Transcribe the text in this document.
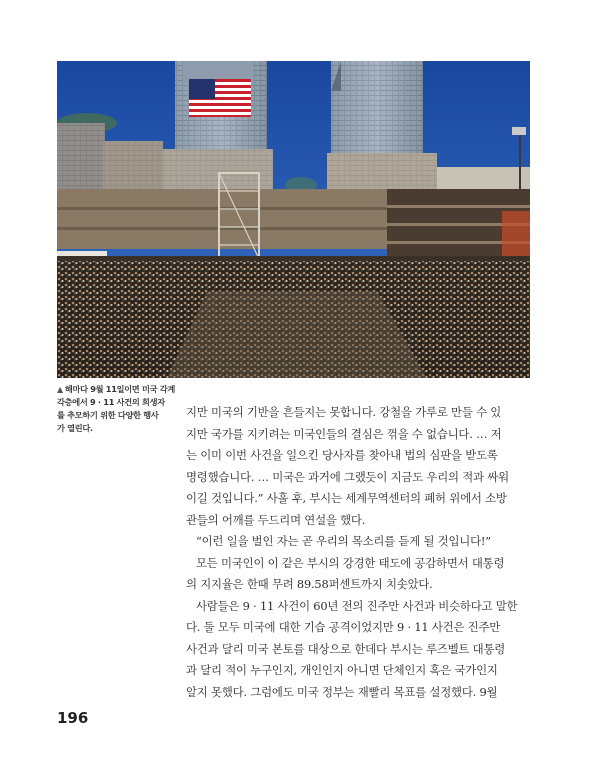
▲ 해마다 9월 11일이면 미국 각계
각층에서 9 · 11 사건의 희생자
를 추모하기 위한 다양한 행사
가 열린다.

지만 미국의 기반을 흔들지는 못합니다. 강철을 가루로 만들 수 있

지만 국가를 지키려는 미국인들의 결심은 꺾을 수 없습니다. … 저

는 이미 이번 사건을 일으킨 당사자를 찾아내 법의 심판을 받도록

명령했습니다. … 미국은 과거에 그랬듯이 지금도 우리의 적과 싸워

이길 것입니다.” 사흘 후, 부시는 세계무역센터의 폐허 위에서 소방

관들의 어깨를 두드리며 연설을 했다.

“이런 일을 벌인 자는 곧 우리의 목소리를 듣게 될 것입니다!”

모든 미국인이 이 같은 부시의 강경한 태도에 공감하면서 대통령

의 지지율은 한때 무려 89.58퍼센트까지 치솟았다.

사람들은 9 · 11 사건이 60년 전의 진주만 사건과 비슷하다고 말한

다. 둘 모두 미국에 대한 기습 공격이었지만 9 · 11 사건은 진주만

사건과 달리 미국 본토를 대상으로 한데다 부시는 루즈벨트 대통령

과 달리 적이 누구인지, 개인인지 아니면 단체인지 혹은 국가인지

알지 못했다. 그럼에도 미국 정부는 재빨리 목표를 설정했다. 9월

196
